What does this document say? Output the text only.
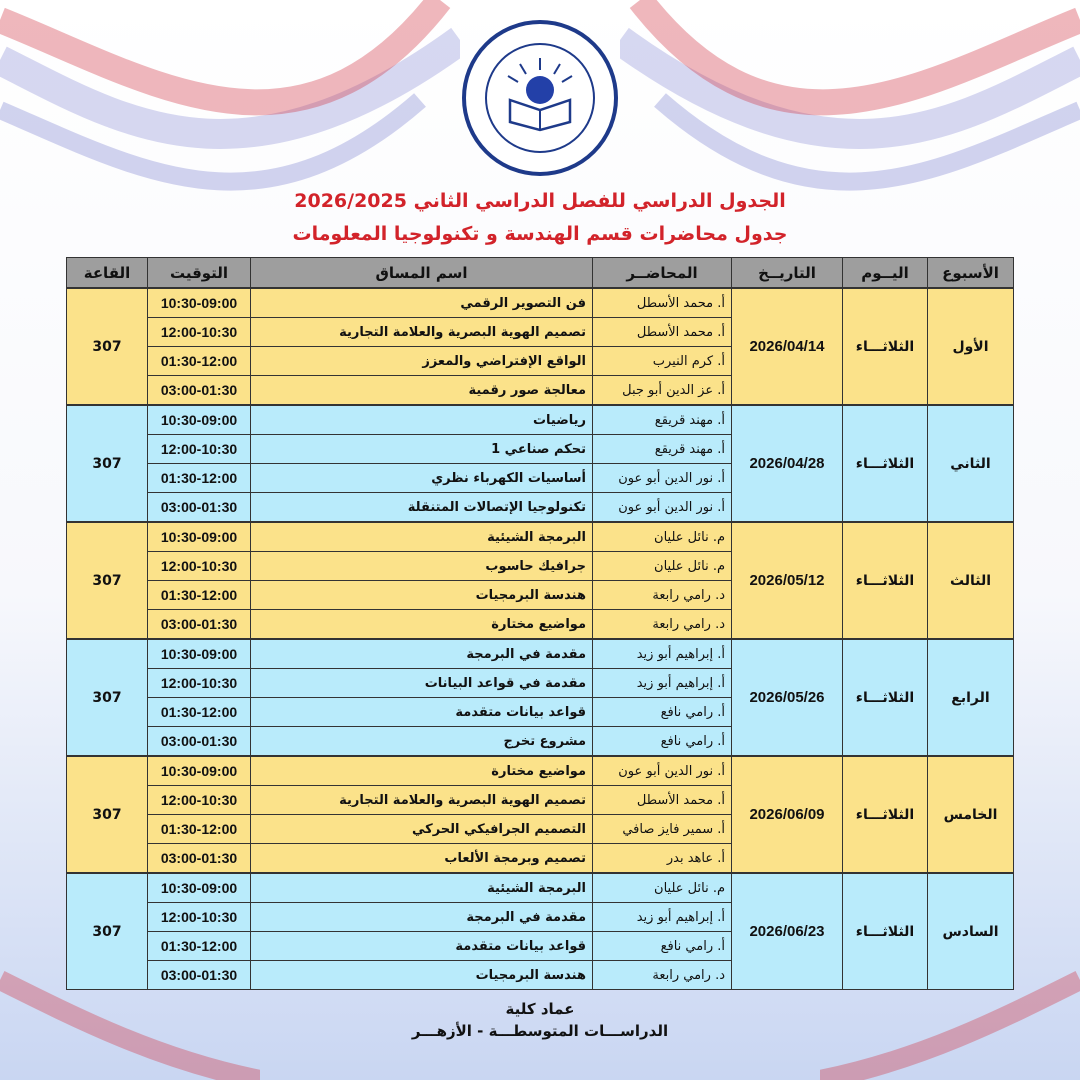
الجدول الدراسي للفصل الدراسي الثاني 2026/2025
جدول محاضرات قسم الهندسة و تكنولوجيا المعلومات
الأسبوع	اليــوم	التاريــخ	المحاضــر	اسم المساق	التوقيت	القاعة
الأول	الثلاثـــاء	2026/04/14	أ. محمد الأسطل	فن التصوير الرقمي	10:30-09:00	307
			أ. محمد الأسطل	تصميم الهوية البصرية والعلامة التجارية	12:00-10:30	
			أ. كرم النيرب	الواقع الإفتراضي والمعزز	01:30-12:00	
			أ. عز الدين أبو جبل	معالجة صور رقمية	03:00-01:30	
الثاني	الثلاثـــاء	2026/04/28	أ. مهند قريقع	رياضيات	10:30-09:00	307
			أ. مهند قريقع	تحكم صناعي 1	12:00-10:30	
			أ. نور الدين أبو عون	أساسيات الكهرباء نظري	01:30-12:00	
			أ. نور الدين أبو عون	تكنولوجيا الإتصالات المتنقلة	03:00-01:30	
الثالث	الثلاثـــاء	2026/05/12	م. نائل عليان	البرمجة الشيئية	10:30-09:00	307
			م. نائل عليان	جرافيك حاسوب	12:00-10:30	
			د. رامي رابعة	هندسة البرمجيات	01:30-12:00	
			د. رامي رابعة	مواضيع مختارة	03:00-01:30	
الرابع	الثلاثـــاء	2026/05/26	أ. إبراهيم أبو زيد	مقدمة في البرمجة	10:30-09:00	307
			أ. إبراهيم أبو زيد	مقدمة في قواعد البيانات	12:00-10:30	
			أ. رامي نافع	قواعد بيانات متقدمة	01:30-12:00	
			أ. رامي نافع	مشروع تخرج	03:00-01:30	
الخامس	الثلاثـــاء	2026/06/09	أ. نور الدين أبو عون	مواضيع مختارة	10:30-09:00	307
			أ. محمد الأسطل	تصميم الهوية البصرية والعلامة التجارية	12:00-10:30	
			أ. سمير فايز صافي	التصميم الجرافيكي الحركي	01:30-12:00	
			أ. عاهد بدر	تصميم وبرمجة الألعاب	03:00-01:30	
السادس	الثلاثـــاء	2026/06/23	م. نائل عليان	البرمجة الشيئية	10:30-09:00	307
			أ. إبراهيم أبو زيد	مقدمة في البرمجة	12:00-10:30	
			أ. رامي نافع	قواعد بيانات متقدمة	01:30-12:00	
			د. رامي رابعة	هندسة البرمجيات	03:00-01:30	
عماد كلية
الدراســـات المتوسطـــة - الأزهـــر
